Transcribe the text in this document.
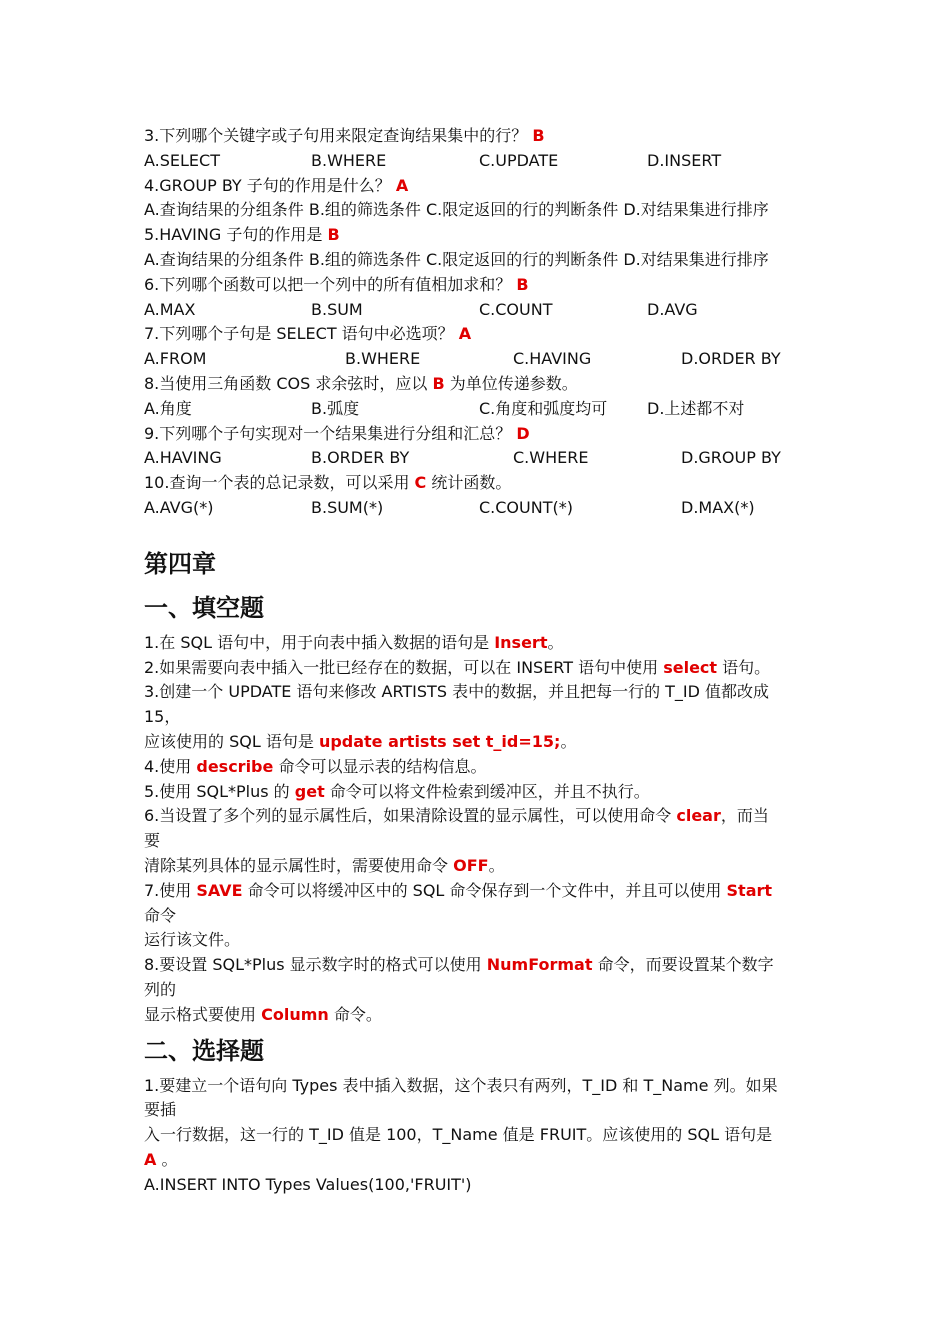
3.下列哪个关键字或子句用来限定查询结果集中的行？ B
A.SELECT	B.WHERE	C.UPDATE	D.INSERT
4.GROUP BY 子句的作用是什么？ A
A.查询结果的分组条件 B.组的筛选条件 C.限定返回的行的判断条件 D.对结果集进行排序
5.HAVING 子句的作用是 B
A.查询结果的分组条件 B.组的筛选条件 C.限定返回的行的判断条件 D.对结果集进行排序
6.下列哪个函数可以把一个列中的所有值相加求和？ B
A.MAX	B.SUM	C.COUNT	D.AVG
7.下列哪个子句是 SELECT 语句中必选项？ A
A.FROM	B.WHERE	C.HAVING	D.ORDER BY
8.当使用三角函数 COS 求余弦时，应以 B 为单位传递参数。
A.角度	B.弧度	C.角度和弧度均可 D.上述都不对
9.下列哪个子句实现对一个结果集进行分组和汇总？ D
A.HAVING	B.ORDER BY	C.WHERE	D.GROUP BY
10.查询一个表的总记录数，可以采用 C 统计函数。
A.AVG(*)	B.SUM(*)	C.COUNT(*)	D.MAX(*)
第四章
一、填空题
1.在 SQL 语句中，用于向表中插入数据的语句是 Insert。
2.如果需要向表中插入一批已经存在的数据，可以在 INSERT 语句中使用 select 语句。
3.创建一个 UPDATE 语句来修改 ARTISTS 表中的数据，并且把每一行的 T_ID 值都改成
15，
应该使用的 SQL 语句是 update artists set t_id=15;。
4.使用 describe 命令可以显示表的结构信息。
5.使用 SQL*Plus 的 get 命令可以将文件检索到缓冲区，并且不执行。
6.当设置了多个列的显示属性后，如果清除设置的显示属性，可以使用命令 clear，而当
要
清除某列具体的显示属性时，需要使用命令 OFF。
7.使用 SAVE 命令可以将缓冲区中的 SQL 命令保存到一个文件中，并且可以使用 Start
命令
运行该文件。
8.要设置 SQL*Plus 显示数字时的格式可以使用 NumFormat 命令，而要设置某个数字
列的
显示格式要使用 Column 命令。
二、选择题
1.要建立一个语句向 Types 表中插入数据，这个表只有两列，T_ID 和 T_Name 列。如果
要插
入一行数据，这一行的 T_ID 值是 100，T_Name 值是 FRUIT。应该使用的 SQL 语句是
A 。
A.INSERT INTO Types Values(100,'FRUIT')
